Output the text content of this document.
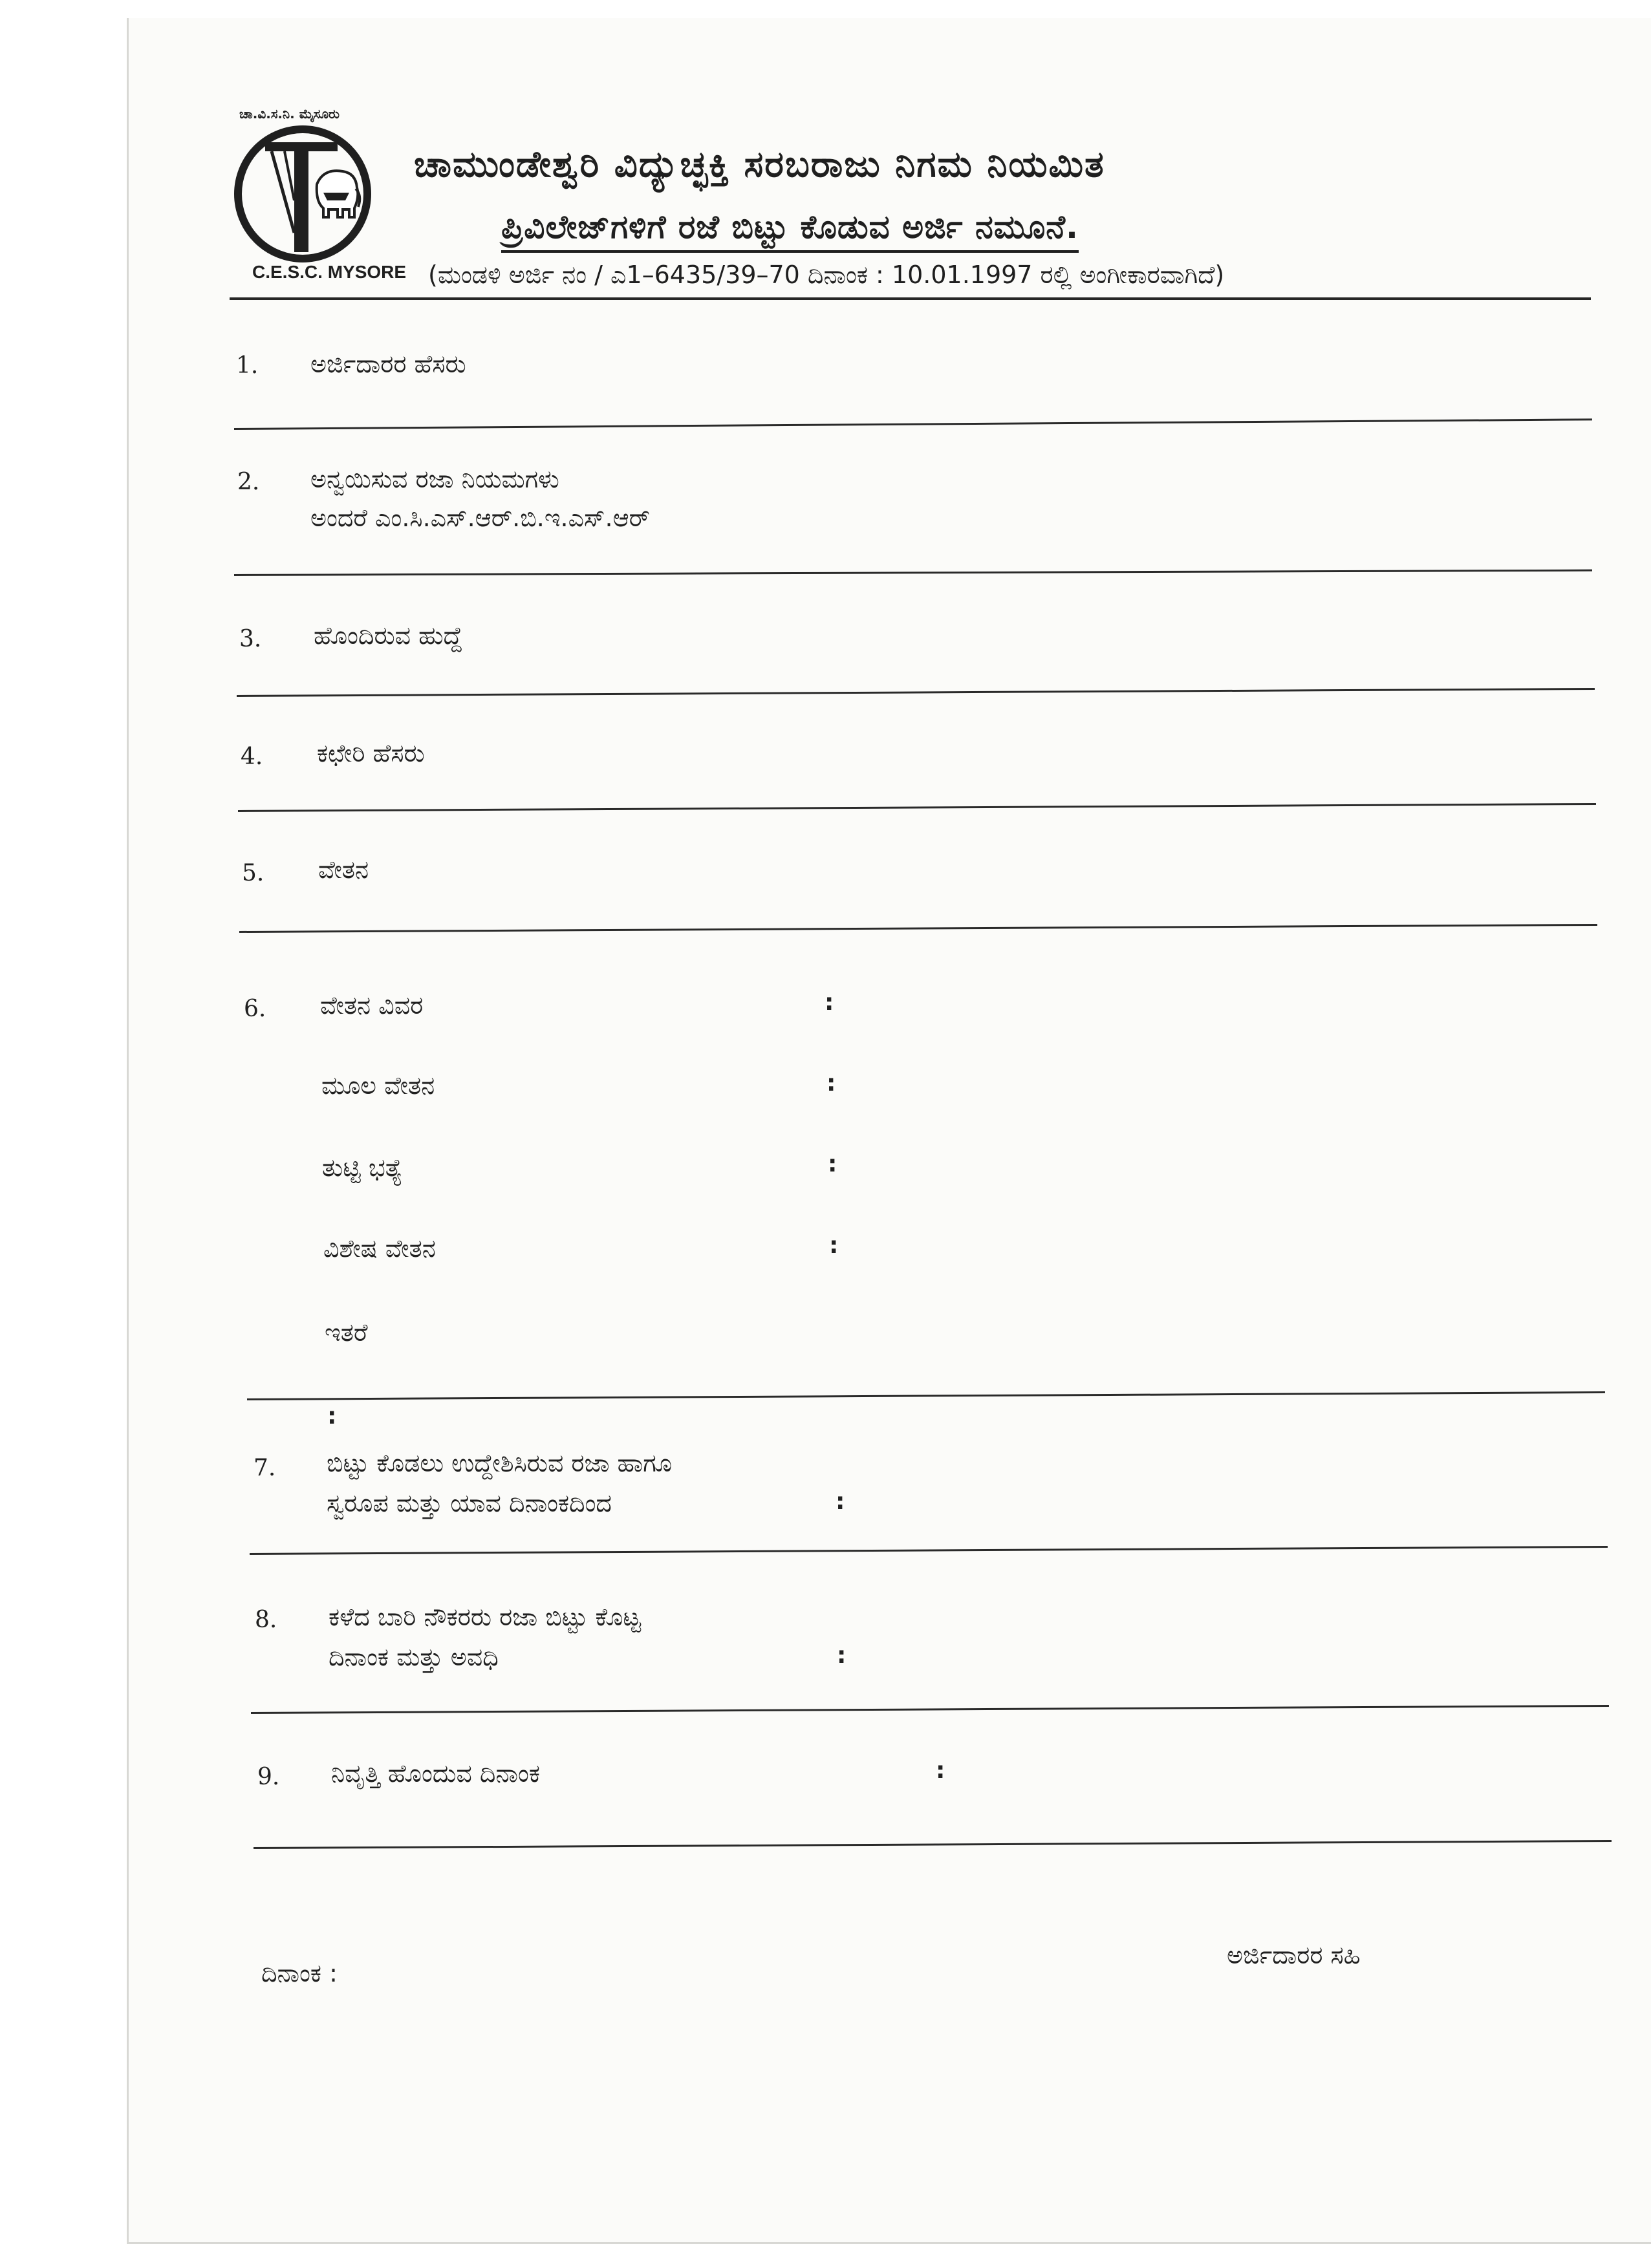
C.E.S.C. MYSORE
ಚಾ.ವಿ.ಸ.ನಿ. ಮೈಸೂರು
ಚಾಮುಂಡೇಶ್ವರಿ ವಿದ್ಯುಚ್ಛಕ್ತಿ ಸರಬರಾಜು ನಿಗಮ ನಿಯಮಿತ
ಪ್ರಿವಿಲೇಜ್‌ಗಳಿಗೆ ರಜೆ ಬಿಟ್ಟು ಕೊಡುವ ಅರ್ಜಿ ನಮೂನೆ.
(ಮಂಡಳಿ ಅರ್ಜಿ ನಂ / ಎ1–6435/39–70 ದಿನಾಂಕ : 10.01.1997 ರಲ್ಲಿ ಅಂಗೀಕಾರವಾಗಿದೆ)
1. ಅರ್ಜಿದಾರರ ಹೆಸರು
2. ಅನ್ವಯಿಸುವ ರಜಾ ನಿಯಮಗಳು
ಅಂದರೆ ಎಂ.ಸಿ.ಎಸ್.ಆರ್.ಬಿ.ಇ.ಎಸ್.ಆರ್
3. ಹೊಂದಿರುವ ಹುದ್ದೆ
4. ಕಛೇರಿ ಹೆಸರು
5. ವೇತನ
6. ವೇತನ ವಿವರ	:
ಮೂಲ ವೇತನ	:
ತುಟ್ಟಿ ಭತ್ಯೆ	:
ವಿಶೇಷ ವೇತನ	:
ಇತರೆ
:
7. ಬಿಟ್ಟು ಕೊಡಲು ಉದ್ದೇಶಿಸಿರುವ ರಜಾ ಹಾಗೂ
ಸ್ವರೂಪ ಮತ್ತು ಯಾವ ದಿನಾಂಕದಿಂದ	:
8. ಕಳೆದ ಬಾರಿ ನೌಕರರು ರಜಾ ಬಿಟ್ಟು ಕೊಟ್ಟ
ದಿನಾಂಕ ಮತ್ತು ಅವಧಿ	:
9. ನಿವೃತ್ತಿ ಹೊಂದುವ ದಿನಾಂಕ	:
ದಿನಾಂಕ :
ಅರ್ಜಿದಾರರ ಸಹಿ
